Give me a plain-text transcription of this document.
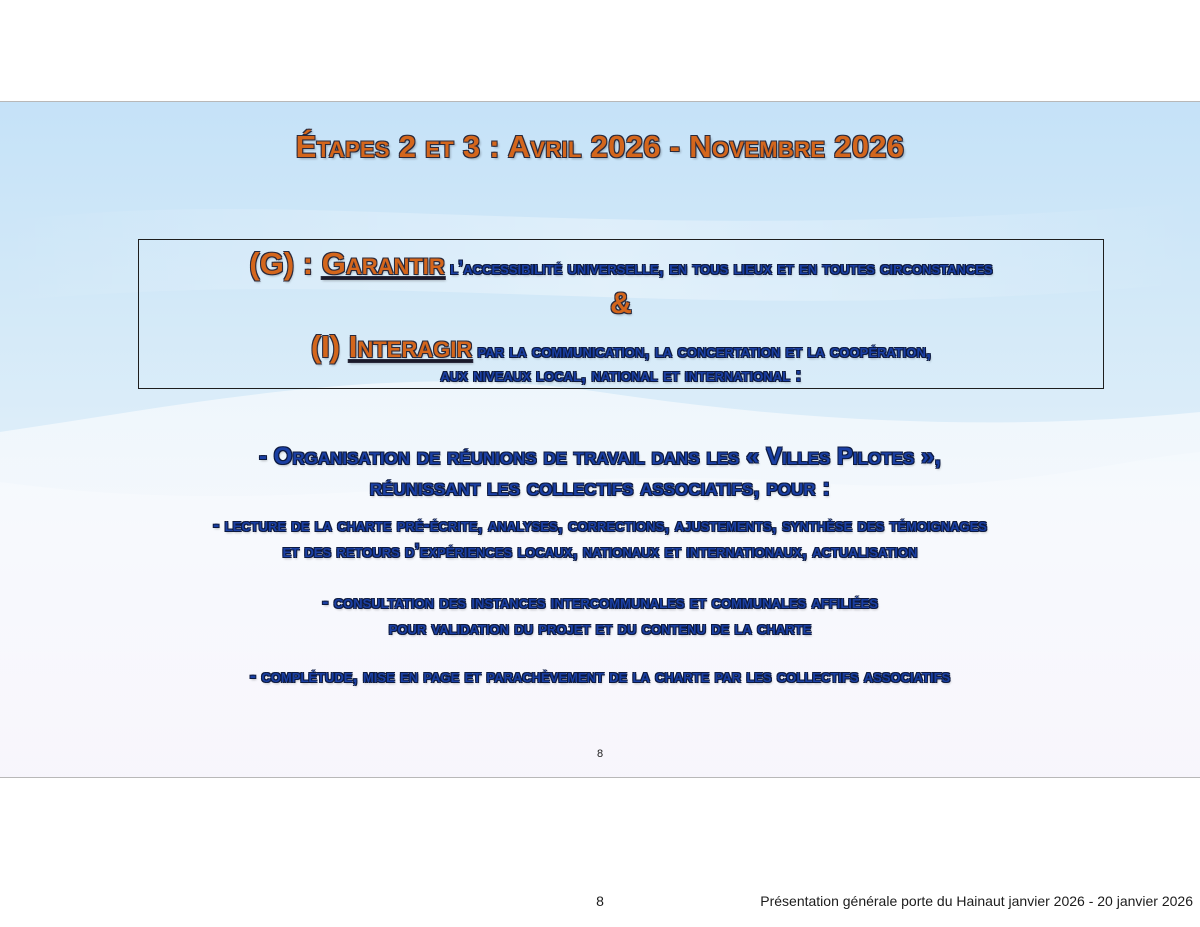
Étapes 2 et 3 : Avril 2026 - Novembre 2026
(G) : Garantir l’accessibilité universelle, en tous lieux et en toutes circonstances
&
(I) Interagir par la communication, la concertation et la coopération,
aux niveaux local, national et international :
- Organisation de réunions de travail dans les « Villes Pilotes »,
réunissant les collectifs associatifs, pour :
- lecture de la charte pré-écrite, analyses, corrections, ajustements, synthèse des témoignages
et des retours d’expériences locaux, nationaux et internationaux, actualisation
- consultation des instances intercommunales et communales affiliées
pour validation du projet et du contenu de la charte
- complétude, mise en page et parachèvement de la charte par les collectifs associatifs
8
8	Présentation générale porte du Hainaut janvier 2026 - 20 janvier 2026
